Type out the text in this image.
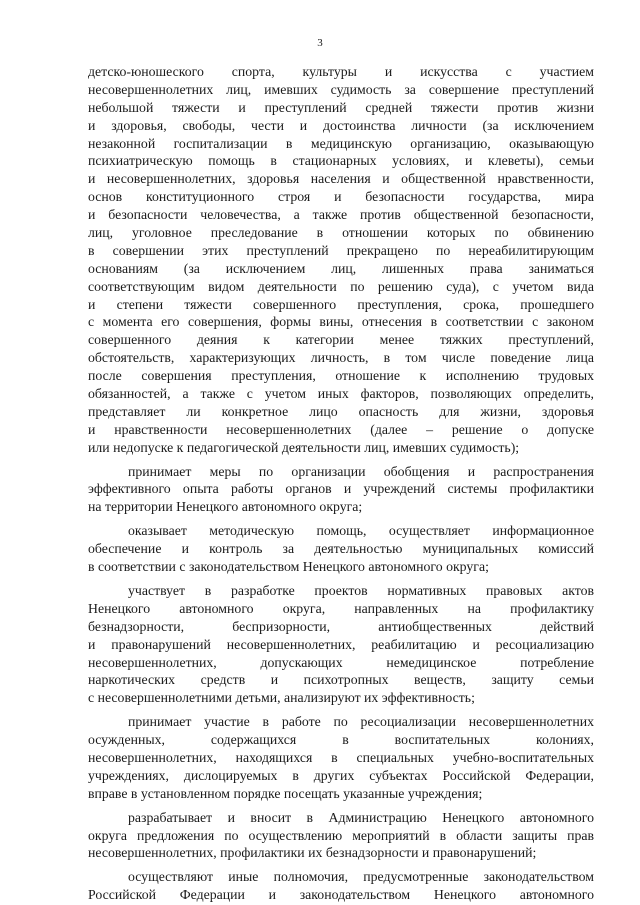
3
детско-юношеского спорта, культуры и искусства с участием
несовершеннолетних лиц, имевших судимость за совершение преступлений
небольшой тяжести и преступлений средней тяжести против жизни
и здоровья, свободы, чести и достоинства личности (за исключением
незаконной госпитализации в медицинскую организацию, оказывающую
психиатрическую помощь в стационарных условиях, и клеветы), семьи
и несовершеннолетних, здоровья населения и общественной нравственности,
основ конституционного строя и безопасности государства, мира
и безопасности человечества, а также против общественной безопасности,
лиц, уголовное преследование в отношении которых по обвинению
в совершении этих преступлений прекращено по нереабилитирующим
основаниям (за исключением лиц, лишенных права заниматься
соответствующим видом деятельности по решению суда), с учетом вида
и степени тяжести совершенного преступления, срока, прошедшего
с момента его совершения, формы вины, отнесения в соответствии с законом
совершенного деяния к категории менее тяжких преступлений,
обстоятельств, характеризующих личность, в том числе поведение лица
после совершения преступления, отношение к исполнению трудовых
обязанностей, а также с учетом иных факторов, позволяющих определить,
представляет ли конкретное лицо опасность для жизни, здоровья
и нравственности несовершеннолетних (далее – решение о допуске
или недопуске к педагогической деятельности лиц, имевших судимость);
принимает меры по организации обобщения и распространения
эффективного опыта работы органов и учреждений системы профилактики
на территории Ненецкого автономного округа;
оказывает методическую помощь, осуществляет информационное
обеспечение и контроль за деятельностью муниципальных комиссий
в соответствии с законодательством Ненецкого автономного округа;
участвует в разработке проектов нормативных правовых актов
Ненецкого автономного округа, направленных на профилактику
безнадзорности, беспризорности, антиобщественных действий
и правонарушений несовершеннолетних, реабилитацию и ресоциализацию
несовершеннолетних, допускающих немедицинское потребление
наркотических средств и психотропных веществ, защиту семьи
с несовершеннолетними детьми, анализируют их эффективность;
принимает участие в работе по ресоциализации несовершеннолетних
осужденных, содержащихся в воспитательных колониях,
несовершеннолетних, находящихся в специальных учебно-воспитательных
учреждениях, дислоцируемых в других субъектах Российской Федерации,
вправе в установленном порядке посещать указанные учреждения;
разрабатывает и вносит в Администрацию Ненецкого автономного
округа предложения по осуществлению мероприятий в области защиты прав
несовершеннолетних, профилактики их безнадзорности и правонарушений;
осуществляют иные полномочия, предусмотренные законодательством
Российской Федерации и законодательством Ненецкого автономного
